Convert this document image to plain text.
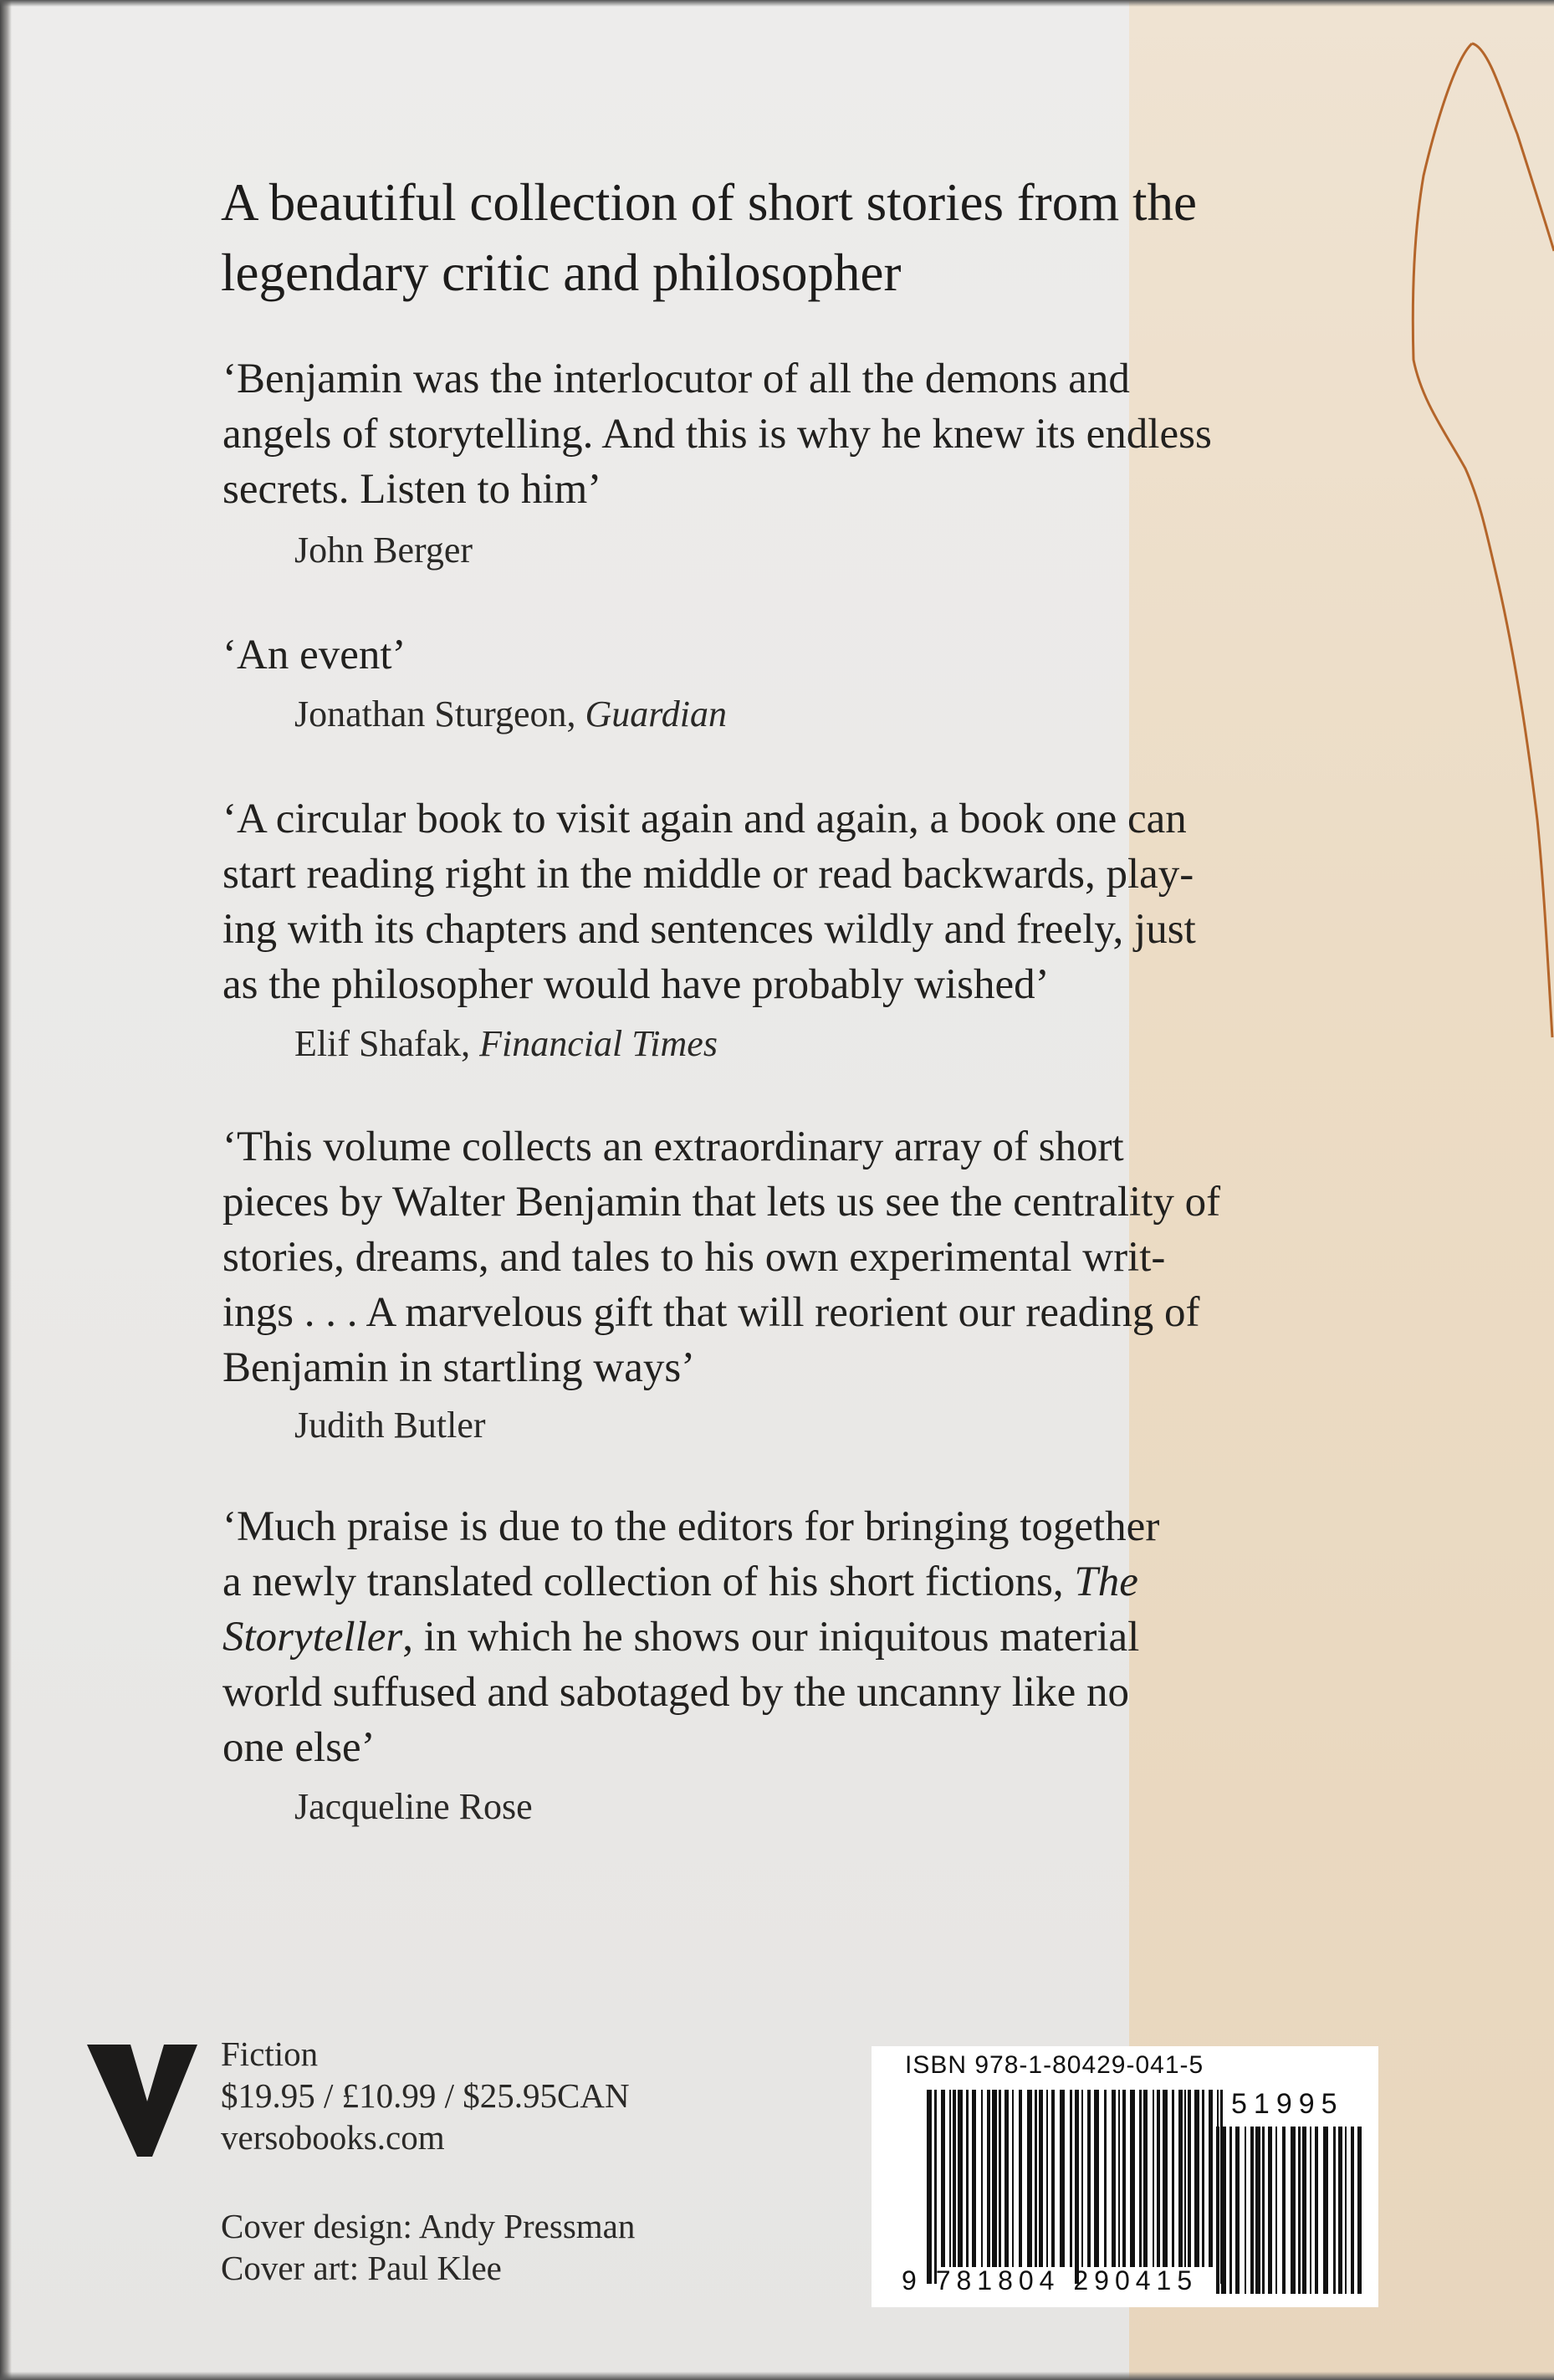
A beautiful collection of short stories from the
legendary critic and philosopher

‘Benjamin was the interlocutor of all the demons and
angels of storytelling. And this is why he knew its endless
secrets. Listen to him’

John Berger

‘An event’

Jonathan Sturgeon, Guardian

‘A circular book to visit again and again, a book one can
start reading right in the middle or read backwards, play-
ing with its chapters and sentences wildly and freely, just
as the philosopher would have probably wished’

Elif Shafak, Financial Times

‘This volume collects an extraordinary array of short
pieces by Walter Benjamin that lets us see the centrality of
stories, dreams, and tales to his own experimental writ-
ings . . . A marvelous gift that will reorient our reading of
Benjamin in startling ways’

Judith Butler

‘Much praise is due to the editors for bringing together
a newly translated collection of his short fictions, The
Storyteller, in which he shows our iniquitous material
world suffused and sabotaged by the uncanny like no
one else’

Jacqueline Rose

Fiction

$19.95 / £10.99 / $25.95CAN

versobooks.com

Cover design: Andy Pressman

Cover art: Paul Klee

ISBN 978-1-80429-041-5
51995
9 781804 290415
